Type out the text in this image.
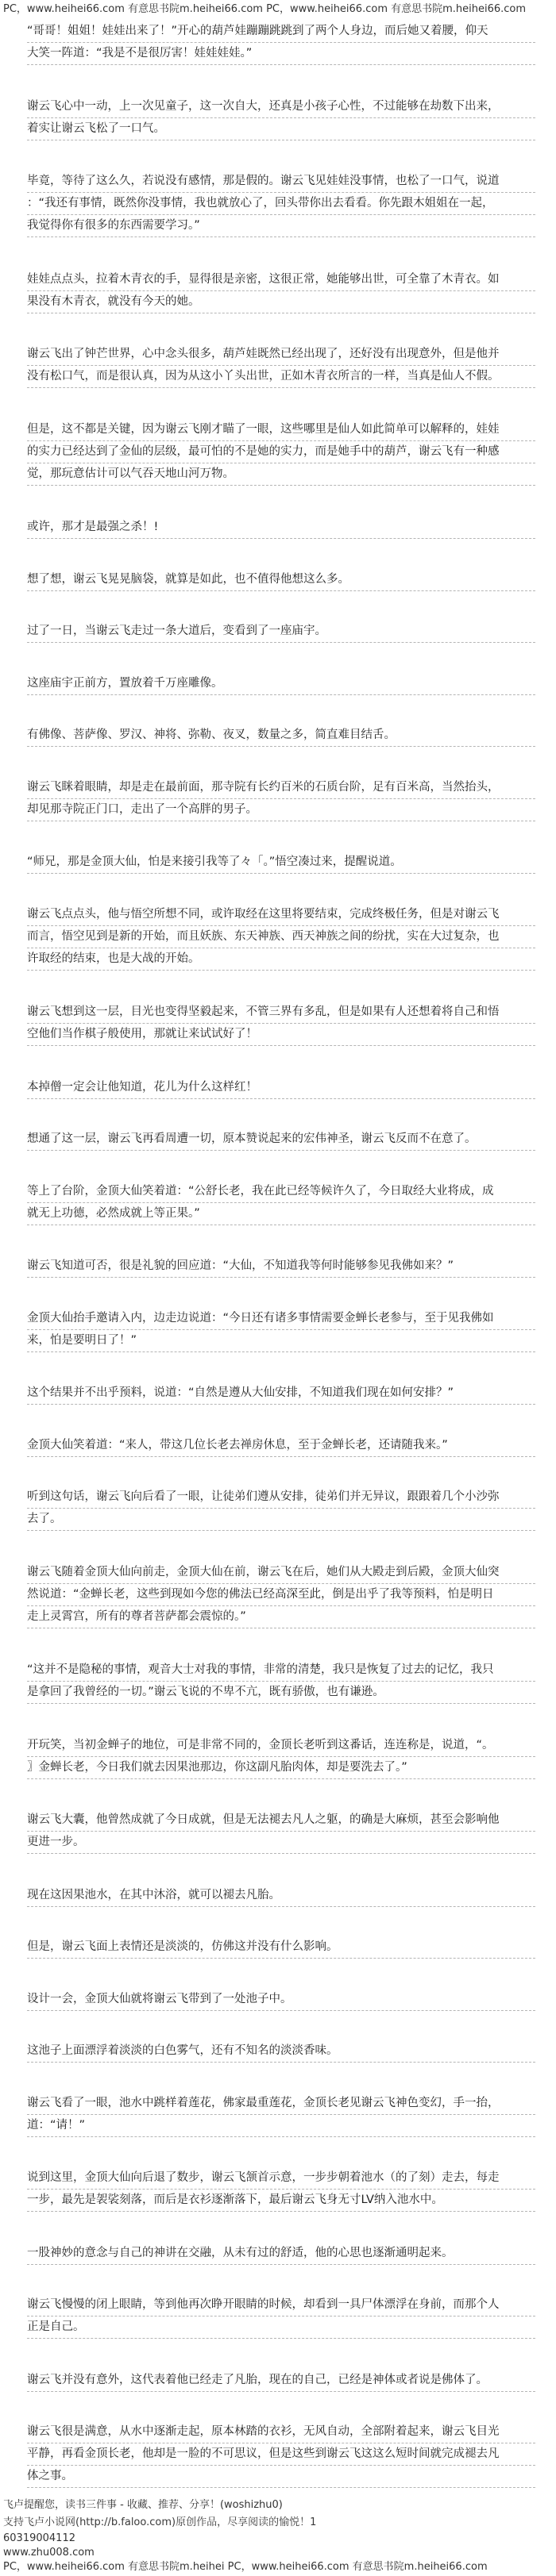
PC，www.heihei66.com 有意思书院m.heihei66.com PC，www.heihei66.com 有意思书院m.heihei66.com
“哥哥！姐姐！娃娃出来了！”开心的葫芦娃蹦蹦跳跳到了两个人身边，而后她又着腰，仰天
大笑一阵道：“我是不是很厉害！娃娃娃娃。”
谢云飞心中一动，上一次见童子，这一次自大，还真是小孩子心性，不过能够在劫数下出来，
着实让谢云飞松了一口气。
毕竟，等待了这么久，若说没有感情，那是假的。谢云飞见娃娃没事情，也松了一口气，说道
：“我还有事情，既然你没事情，我也就放心了，回头带你出去看看。你先跟木姐姐在一起，
我觉得你有很多的东西需要学习。”
娃娃点点头，拉着木青衣的手，显得很是亲密，这很正常，她能够出世，可全靠了木青衣。如
果没有木青衣，就没有今天的她。
谢云飞出了钟芒世界，心中念头很多，葫芦娃既然已经出现了，还好没有出现意外，但是他并
没有松口气，而是很认真，因为从这小丫头出世，正如木青衣所言的一样，当真是仙人不假。
但是，这不都是关键，因为谢云飞刚才瞄了一眼，这些哪里是仙人如此简单可以解释的，娃娃
的实力已经达到了金仙的层级，最可怕的不是她的实力，而是她手中的葫芦，谢云飞有一种感
觉，那玩意估计可以气吞天地山河万物。
或许，那才是最强之杀！!
想了想，谢云飞晃晃脑袋，就算是如此，也不值得他想这么多。
过了一日，当谢云飞走过一条大道后，变看到了一座庙宇。
这座庙宇正前方，置放着千万座雕像。
有佛像、菩萨像、罗汉、神将、弥勒、夜叉，数量之多，简直难目结舌。
谢云飞眯着眼睛，却是走在最前面，那寺院有长约百米的石质台阶，足有百米高，当然抬头，
却见那寺院正门口，走出了一个高胖的男子。
“师兄，那是金顶大仙，怕是来接引我等了々「。”悟空凑过来，提醒说道。
谢云飞点点头，他与悟空所想不同，或许取经在这里将要结束，完成终极任务，但是对谢云飞
而言，悟空见到是新的开始，而且妖族、东天神族、西天神族之间的纷扰，实在大过复杂，也
许取经的结束，也是大战的开始。
谢云飞想到这一层，目光也变得坚毅起来，不管三界有多乱，但是如果有人还想着将自己和悟
空他们当作棋子般使用，那就让来试试好了！
本掉僧一定会让他知道，花儿为什么这样红！
想通了这一层，谢云飞再看周遭一切，原本赞说起来的宏伟神圣，谢云飞反而不在意了。
等上了台阶，金顶大仙笑着道：“公舒长老，我在此已经等候许久了，今日取经大业将成，成
就无上功德，必然成就上等正果。”
谢云飞知道可否，很是礼貌的回应道：“大仙，不知道我等何时能够参见我佛如来？”
金顶大仙抬手邀请入内，边走边说道：“今日还有诸多事情需要金蝉长老参与，至于见我佛如
来，怕是要明日了！”
这个结果并不出乎预料，说道：“自然是遵从大仙安排，不知道我们现在如何安排？”
金顶大仙笑着道：“来人，带这几位长老去禅房休息，至于金蝉长老，还请随我来。”
听到这句话，谢云飞向后看了一眼，让徒弟们遵从安排，徒弟们并无异议，跟跟着几个小沙弥
去了。
谢云飞随着金顶大仙向前走，金顶大仙在前，谢云飞在后，她们从大殿走到后殿，金顶大仙突
然说道：“金蝉长老，这些到现如今您的佛法已经高深至此，倒是出乎了我等预料，怕是明日
走上灵霄宫，所有的尊者菩萨都会震惊的。”
“这并不是隐秘的事情，观音大士对我的事情，非常的清楚，我只是恢复了过去的记忆，我只
是拿回了我曾经的一切。”谢云飞说的不卑不亢，既有骄傲，也有谦逊。
开玩笑，当初金蝉子的地位，可是非常不同的，金顶长老听到这番话，连连称是，说道，“。
〗金蝉长老，今日我们就去因果池那边，你这副凡胎肉体，却是要洗去了。”
谢云飞大囊，他曾然成就了今日成就，但是无法褪去凡人之躯，的确是大麻烦，甚至会影响他
更进一步。
现在这因果池水，在其中沐浴，就可以褪去凡胎。
但是，谢云飞面上表情还是淡淡的，仿佛这并没有什么影响。
设计一会，金顶大仙就将谢云飞带到了一处池子中。
这池子上面漂浮着淡淡的白色雾气，还有不知名的淡淡香味。
谢云飞看了一眼，池水中跳样着莲花，佛家最重莲花，金顶长老见谢云飞神色变幻，手一抬，
道：“请！”
说到这里，金顶大仙向后退了数步，谢云飞颔首示意，一步步朝着池水（的了刻）走去，每走
一步，最先是袈裟刻落，而后是衣衫逐渐落下，最后谢云飞身无寸LV纳入池水中。
一股神妙的意念与自己的神讲在交融，从未有过的舒适，他的心思也逐渐通明起来。
谢云飞慢慢的闭上眼睛，等到他再次睁开眼睛的时候，却看到一具尸体漂浮在身前，而那个人
正是自己。
谢云飞并没有意外，这代表着他已经走了凡胎，现在的自己，已经是神体或者说是佛体了。
谢云飞很是满意，从水中逐渐走起，原本林踏的衣衫，无风自动，全部附着起来，谢云飞目光
平静，再看金顶长老，他却是一脸的不可思议，但是这些到谢云飞这这么短时间就完成褪去凡
体之事。
飞卢提醒您，读书三件事 - 收藏、推荐、分享！(woshizhu0)
支持飞卢小说网(http://b.faloo.com)原创作品，尽享阅读的愉悦！1
60319004112
www.zhu008.com
PC，www.heihei66.com 有意思书院m.heihei PC，www.heihei66.com 有意思书院m.heihei66.com
